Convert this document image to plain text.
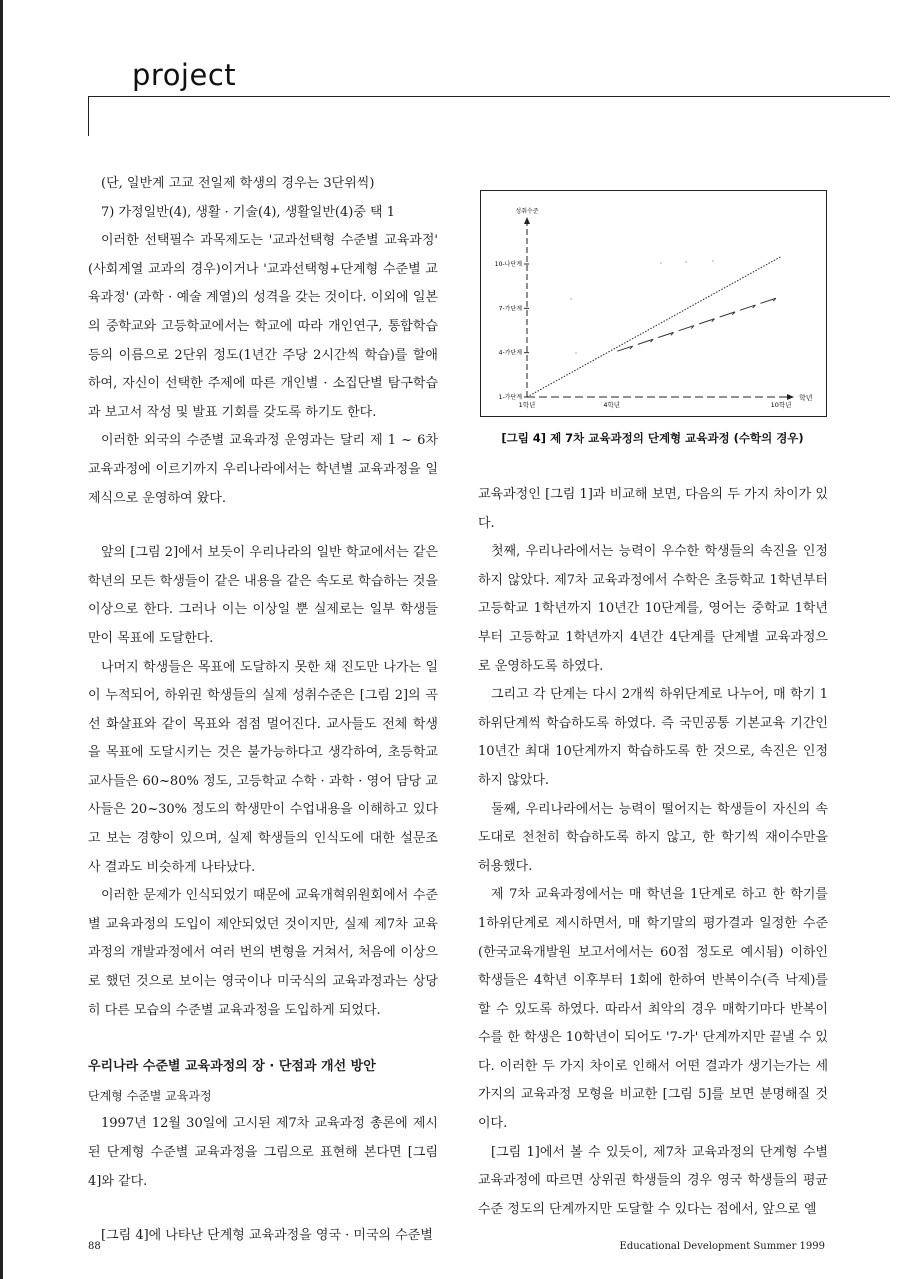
project

(단, 일반계 고교 전일제 학생의 경우는 3단위씩)

7) 가정일반(4), 생활 · 기술(4), 생활일반(4)중 택 1

이러한 선택필수 과목제도는 '교과선택형 수준별 교육과정' (사회계열 교과의 경우)이거나 '교과선택형+단계형 수준별 교육과정' (과학 · 예술 계열)의 성격을 갖는 것이다. 이외에 일본의 중학교와 고등학교에서는 학교에 따라 개인연구, 통합학습 등의 이름으로 2단위 정도(1년간 주당 2시간씩 학습)를 할애하여, 자신이 선택한 주제에 따른 개인별 · 소집단별 탐구학습과 보고서 작성 및 발표 기회를 갖도록 하기도 한다.

이러한 외국의 수준별 교육과정 운영과는 달리 제 1 ~ 6차 교육과정에 이르기까지 우리나라에서는 학년별 교육과정을 일제식으로 운영하여 왔다.

앞의 [그림 2]에서 보듯이 우리나라의 일반 학교에서는 같은 학년의 모든 학생들이 같은 내용을 같은 속도로 학습하는 것을 이상으로 한다. 그러나 이는 이상일 뿐 실제로는 일부 학생들만이 목표에 도달한다.

나머지 학생들은 목표에 도달하지 못한 채 진도만 나가는 일이 누적되어, 하위권 학생들의 실제 성취수준은 [그림 2]의 곡선 화살표와 같이 목표와 점점 멀어진다. 교사들도 전체 학생을 목표에 도달시키는 것은 불가능하다고 생각하여, 초등학교 교사들은 60~80% 정도, 고등학교 수학 · 과학 · 영어 담당 교사들은 20~30% 정도의 학생만이 수업내용을 이해하고 있다고 보는 경향이 있으며, 실제 학생들의 인식도에 대한 설문조사 결과도 비슷하게 나타났다.

이러한 문제가 인식되었기 때문에 교육개혁위원회에서 수준별 교육과정의 도입이 제안되었던 것이지만, 실제 제7차 교육과정의 개발과정에서 여러 번의 변형을 거쳐서, 처음에 이상으로 했던 것으로 보이는 영국이나 미국식의 교육과정과는 상당히 다른 모습의 수준별 교육과정을 도입하게 되었다.

우리나라 수준별 교육과정의 장 · 단점과 개선 방안

단계형 수준별 교육과정

1997년 12월 30일에 고시된 제7차 교육과정 총론에 제시된 단계형 수준별 교육과정을 그림으로 표현해 본다면 [그림 4]와 같다.

[그림 4]에 나타난 단계형 교육과정을 영국 · 미국의 수준별

성취수준
학년
1-가단계
4-가단계
7-가단계
10-나단계
1학년	4학년	10학년
[그림 4] 제 7차 교육과정의 단계형 교육과정 (수학의 경우)

교육과정인 [그림 1]과 비교해 보면, 다음의 두 가지 차이가 있다.

첫째, 우리나라에서는 능력이 우수한 학생들의 속진을 인정하지 않았다. 제7차 교육과정에서 수학은 초등학교 1학년부터 고등학교 1학년까지 10년간 10단계를, 영어는 중학교 1학년부터 고등학교 1학년까지 4년간 4단계를 단계별 교육과정으로 운영하도록 하였다.

그리고 각 단계는 다시 2개씩 하위단계로 나누어, 매 학기 1 하위단계씩 학습하도록 하였다. 즉 국민공통 기본교육 기간인 10년간 최대 10단계까지 학습하도록 한 것으로, 속진은 인정하지 않았다.

둘째, 우리나라에서는 능력이 떨어지는 학생들이 자신의 속도대로 천천히 학습하도록 하지 않고, 한 학기씩 재이수만을 허용했다.

제 7차 교육과정에서는 매 학년을 1단계로 하고 한 학기를 1하위단계로 제시하면서, 매 학기말의 평가결과 일정한 수준(한국교육개발원 보고서에서는 60점 정도로 예시됨) 이하인 학생들은 4학년 이후부터 1회에 한하여 반복이수(즉 낙제)를 할 수 있도록 하였다. 따라서 최악의 경우 매학기마다 반복이수를 한 학생은 10학년이 되어도 '7-가' 단계까지만 끝낼 수 있다. 이러한 두 가지 차이로 인해서 어떤 결과가 생기는가는 세 가지의 교육과정 모형을 비교한 [그림 5]를 보면 분명해질 것이다.

[그림 1]에서 볼 수 있듯이, 제7차 교육과정의 단계형 수별 교육과정에 따르면 상위권 학생들의 경우 영국 학생들의 평균 수준 정도의 단계까지만 도달할 수 있다는 점에서, 앞으로 엘

88	Educational Development Summer 1999
